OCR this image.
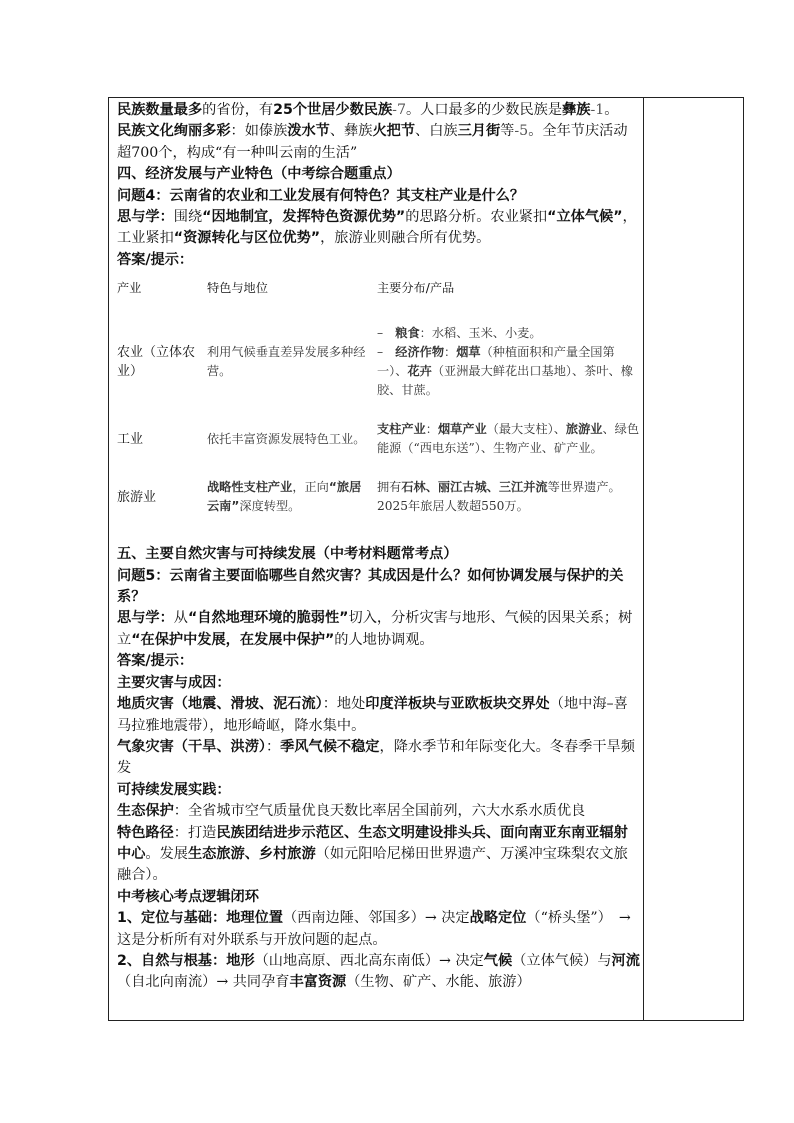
民族数量最多的省份，有25个世居少数民族-7。人口最多的少数民族是彝族-1。

民族文化绚丽多彩：如傣族泼水节、彝族火把节、白族三月街等-5。全年节庆活动超700个，构成“有一种叫云南的生活”

四、经济发展与产业特色（中考综合题重点）

问题4：云南省的农业和工业发展有何特色？其支柱产业是什么？

思与学：围绕“因地制宜，发挥特色资源优势”的思路分析。农业紧扣“立体气候”，工业紧扣“资源转化与区位优势”，旅游业则融合所有优势。

答案/提示：

产业	特色与地位	主要分布/产品
农业（立体农业）	利用气候垂直差异发展多种经营。	–　粮食：水稻、玉米、小麦。
–　经济作物：烟草（种植面积和产量全国第一）、花卉（亚洲最大鲜花出口基地）、茶叶、橡胶、甘蔗。

工业	依托丰富资源发展特色工业。	支柱产业：烟草产业（最大支柱）、旅游业、绿色能源（“西电东送”）、生物产业、矿产业。
旅游业	战略性支柱产业，正向“旅居云南”深度转型。	拥有石林、丽江古城、三江并流等世界遗产。2025年旅居人数超550万。

五、主要自然灾害与可持续发展（中考材料题常考点）

问题5：云南省主要面临哪些自然灾害？其成因是什么？如何协调发展与保护的关系？

思与学：从“自然地理环境的脆弱性”切入，分析灾害与地形、气候的因果关系；树立“在保护中发展，在发展中保护”的人地协调观。

答案/提示：

主要灾害与成因：

地质灾害（地震、滑坡、泥石流）：地处印度洋板块与亚欧板块交界处（地中海–喜马拉雅地震带），地形崎岖，降水集中。

气象灾害（干旱、洪涝）：季风气候不稳定，降水季节和年际变化大。冬春季干旱频发

可持续发展实践：

生态保护：全省城市空气质量优良天数比率居全国前列，六大水系水质优良

特色路径：打造民族团结进步示范区、生态文明建设排头兵、面向南亚东南亚辐射中心。发展生态旅游、乡村旅游（如元阳哈尼梯田世界遗产、万溪冲宝珠梨农文旅融合）。

中考核心考点逻辑闭环

1、定位与基础：地理位置（西南边陲、邻国多）→ 决定战略定位（“桥头堡”）　→ 这是分析所有对外联系与开放问题的起点。

2、自然与根基：地形（山地高原、西北高东南低）→ 决定气候（立体气候）与河流（自北向南流）→ 共同孕育丰富资源（生物、矿产、水能、旅游）
